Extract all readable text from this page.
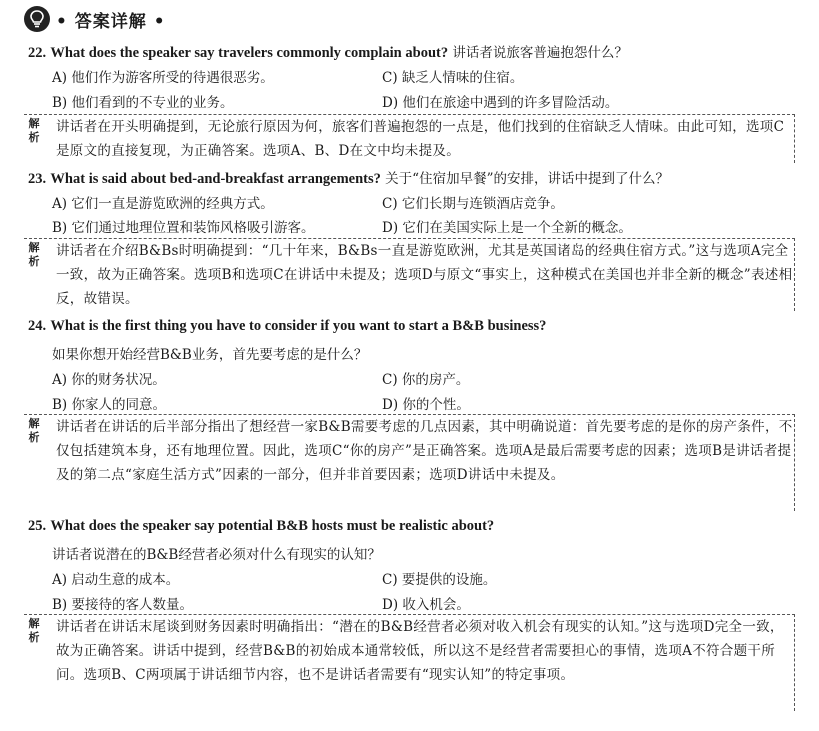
• 答案详解 •
22. What does the speaker say travelers commonly complain about? 讲话者说旅客普遍抱怨什么？
A) 他们作为游客所受的待遇很恶劣。	C) 缺乏人情味的住宿。
B) 他们看到的不专业的业务。	D) 他们在旅途中遇到的许多冒险活动。
解析
讲话者在开头明确提到，无论旅行原因为何，旅客们普遍抱怨的一点是，他们找到的住宿缺乏人情味。由此可知，选项C是原文的直接复现，为正确答案。选项A、B、D在文中均未提及。
23. What is said about bed-and-breakfast arrangements? 关于“住宿加早餐”的安排，讲话中提到了什么？
A) 它们一直是游览欧洲的经典方式。	C) 它们长期与连锁酒店竞争。
B) 它们通过地理位置和装饰风格吸引游客。	D) 它们在美国实际上是一个全新的概念。
解析
讲话者在介绍B&Bs时明确提到：“几十年来，B&Bs一直是游览欧洲，尤其是英国诸岛的经典住宿方式。”这与选项A完全一致，故为正确答案。选项B和选项C在讲话中未提及；选项D与原文“事实上，这种模式在美国也并非全新的概念”表述相反，故错误。
24. What is the first thing you have to consider if you want to start a B&B business?
如果你想开始经营B&B业务，首先要考虑的是什么？
A) 你的财务状况。	C) 你的房产。
B) 你家人的同意。	D) 你的个性。
解析
讲话者在讲话的后半部分指出了想经营一家B&B需要考虑的几点因素，其中明确说道：首先要考虑的是你的房产条件，不仅包括建筑本身，还有地理位置。因此，选项C“你的房产”是正确答案。选项A是最后需要考虑的因素；选项B是讲话者提及的第二点“家庭生活方式”因素的一部分，但并非首要因素；选项D讲话中未提及。
25. What does the speaker say potential B&B hosts must be realistic about?
讲话者说潜在的B&B经营者必须对什么有现实的认知？
A) 启动生意的成本。	C) 要提供的设施。
B) 要接待的客人数量。	D) 收入机会。
解析
讲话者在讲话末尾谈到财务因素时明确指出：“潜在的B&B经营者必须对收入机会有现实的认知。”这与选项D完全一致，故为正确答案。讲话中提到，经营B&B的初始成本通常较低，所以这不是经营者需要担心的事情，选项A不符合题干所问。选项B、C两项属于讲话细节内容，也不是讲话者需要有“现实认知”的特定事项。
